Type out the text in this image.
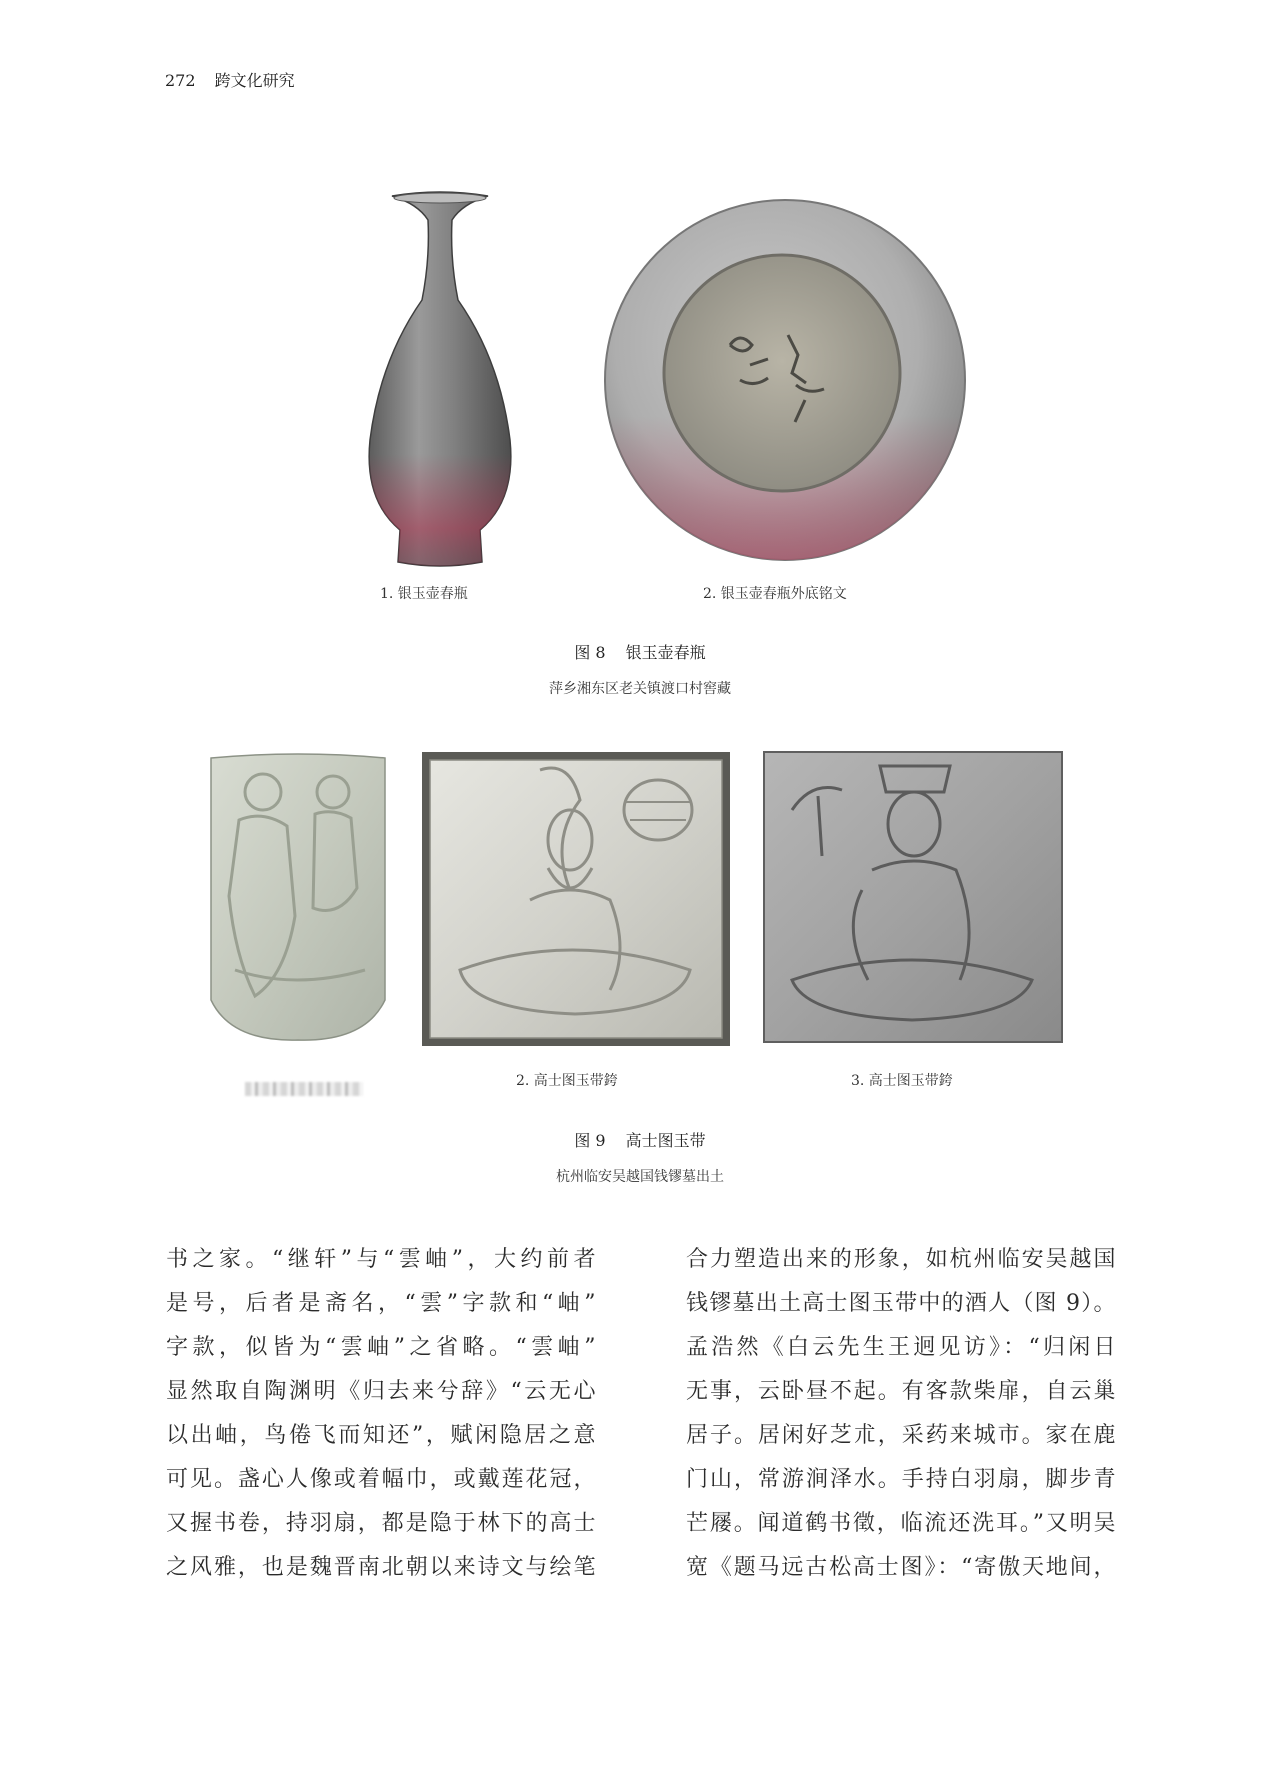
272 跨文化研究
1. 银玉壶春瓶	2. 银玉壶春瓶外底铭文
图 8 银玉壶春瓶
萍乡湘东区老关镇渡口村窖藏
2. 高士图玉带銙	3. 高士图玉带銙
图 9 高士图玉带
杭州临安吴越国钱镠墓出土

书之家。“继轩”与“雲岫”，大约前者

是号，后者是斋名，“雲”字款和“岫”

字款，似皆为“雲岫”之省略。“雲岫”

显然取自陶渊明《归去来兮辞》“云无心

以出岫，鸟倦飞而知还”，赋闲隐居之意

可见。盏心人像或着幅巾，或戴莲花冠，

又握书卷，持羽扇，都是隐于林下的高士

之风雅，也是魏晋南北朝以来诗文与绘笔

合力塑造出来的形象，如杭州临安吴越国

钱镠墓出土高士图玉带中的酒人（图 9）。

孟浩然《白云先生王迥见访》：“归闲日

无事，云卧昼不起。有客款柴扉，自云巢

居子。居闲好芝朮，采药来城市。家在鹿

门山，常游涧泽水。手持白羽扇，脚步青

芒屦。闻道鹤书徵，临流还洗耳。”又明吴

宽《题马远古松高士图》：“寄傲天地间，
